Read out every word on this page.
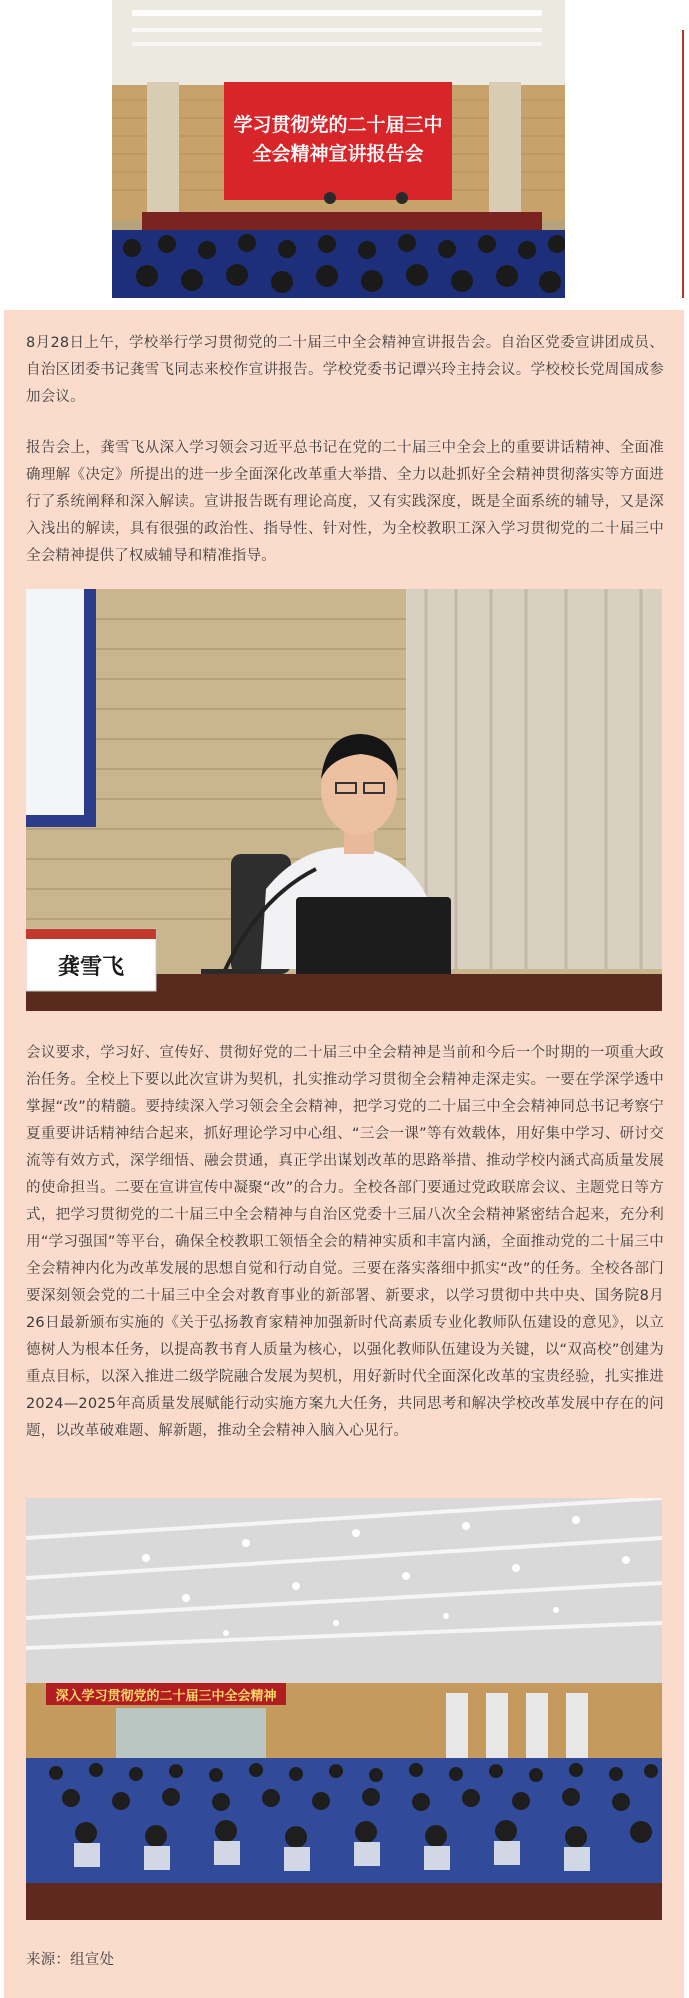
学习贯彻党的二十届三中
全会精神宣讲报告会

8月28日上午，学校举行学习贯彻党的二十届三中全会精神宣讲报告会。自治区党委宣讲团成员、自治区团委书记龚雪飞同志来校作宣讲报告。学校党委书记谭兴玲主持会议。学校校长党周国成参加会议。

报告会上，龚雪飞从深入学习领会习近平总书记在党的二十届三中全会上的重要讲话精神、全面准确理解《决定》所提出的进一步全面深化改革重大举措、全力以赴抓好全会精神贯彻落实等方面进行了系统阐释和深入解读。宣讲报告既有理论高度，又有实践深度，既是全面系统的辅导，又是深入浅出的解读，具有很强的政治性、指导性、针对性，为全校教职工深入学习贯彻党的二十届三中全会精神提供了权威辅导和精准指导。

龚雪飞

会议要求，学习好、宣传好、贯彻好党的二十届三中全会精神是当前和今后一个时期的一项重大政治任务。全校上下要以此次宣讲为契机，扎实推动学习贯彻全会精神走深走实。一要在学深学透中掌握“改”的精髓。要持续深入学习领会全会精神，把学习党的二十届三中全会精神同总书记考察宁夏重要讲话精神结合起来，抓好理论学习中心组、“三会一课”等有效载体，用好集中学习、研讨交流等有效方式，深学细悟、融会贯通，真正学出谋划改革的思路举措、推动学校内涵式高质量发展的使命担当。二要在宣讲宣传中凝聚“改”的合力。全校各部门要通过党政联席会议、主题党日等方式，把学习贯彻党的二十届三中全会精神与自治区党委十三届八次全会精神紧密结合起来，充分利用“学习强国”等平台，确保全校教职工领悟全会的精神实质和丰富内涵，全面推动党的二十届三中全会精神内化为改革发展的思想自觉和行动自觉。三要在落实落细中抓实“改”的任务。全校各部门要深刻领会党的二十届三中全会对教育事业的新部署、新要求，以学习贯彻中共中央、国务院8月26日最新颁布实施的《关于弘扬教育家精神加强新时代高素质专业化教师队伍建设的意见》，以立德树人为根本任务，以提高教书育人质量为核心，以强化教师队伍建设为关键，以“双高校”创建为重点目标，以深入推进二级学院融合发展为契机，用好新时代全面深化改革的宝贵经验，扎实推进2024—2025年高质量发展赋能行动实施方案九大任务，共同思考和解决学校改革发展中存在的问题，以改革破难题、解新题，推动全会精神入脑入心见行。

深入学习贯彻党的二十届三中全会精神

来源：组宣处
